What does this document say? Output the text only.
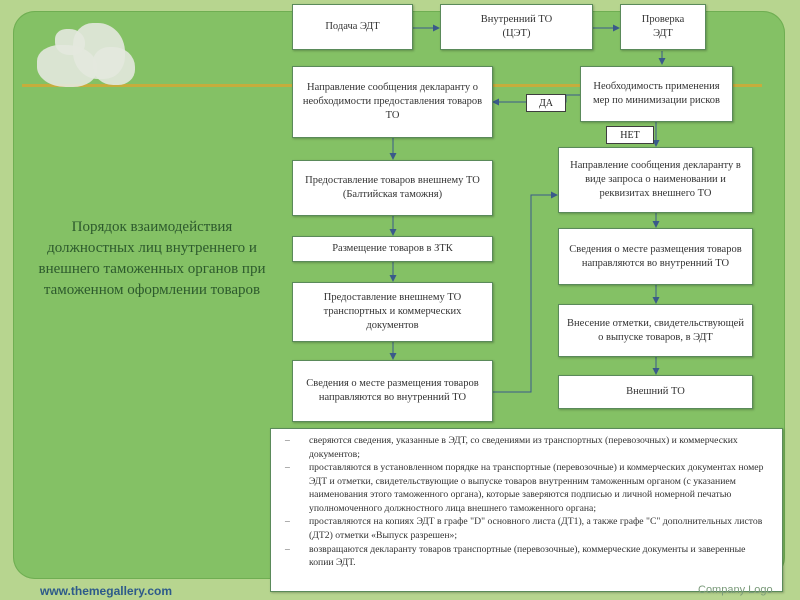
Порядок взаимодействия должностных лиц внутреннего и внешнего таможенных органов при таможенном оформлении товаров
Подача ЭДТ
Внутренний ТО
(ЦЭТ)
Проверка
ЭДТ
Направление сообщения декларанту о необходимости предоставления товаров ТО
Необходимость применения мер по минимизации рисков
ДА
НЕТ
Предоставление товаров внешнему ТО
(Балтийская таможня)
Направление сообщения декларанту в виде запроса о наименовании и реквизитах внешнего ТО
Размещение товаров в ЗТК	Сведения о месте размещения товаров направляются во внутренний ТО
Предоставление внешнему ТО транспортных и коммерческих документов	Внесение отметки, свидетельствующей о выпуске товаров, в ЭДТ
Сведения о месте размещения товаров направляются во внутренний ТО
Внешний ТО
– сверяются сведения, указанные в ЭДТ, со сведениями из транспортных (перевозочных) и коммерческих документов;
– проставляются в установленном порядке на транспортные (перевозочные) и коммерческих документах номер ЭДТ и отметки, свидетельствующие о выпуске товаров внутренним таможенным органом (с указанием наименования этого таможенного органа), которые заверяются подписью и личной номерной печатью уполномоченного должностного лица внешнего таможенного органа;
– проставляются на копиях ЭДТ в графе "D" основного листа (ДТ1), а также графе "С" дополнительных листов (ДТ2) отметки «Выпуск разрешен»;
– возвращаются декларанту товаров транспортные (перевозочные), коммерческие документы и заверенные копии ЭДТ.
www.themegallery.com	Company Logo
